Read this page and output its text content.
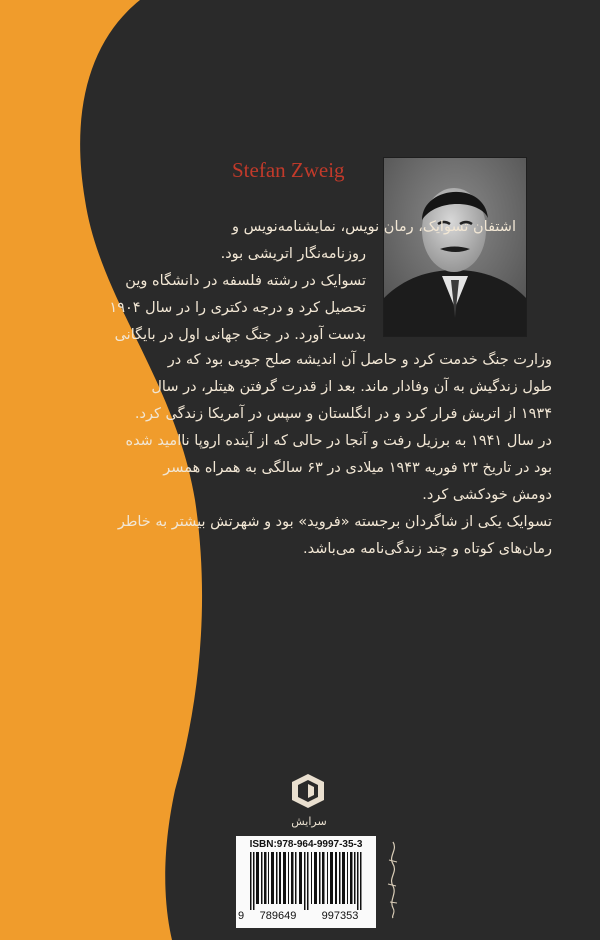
Stefan Zweig
اشتفان تسوایک، رمان نویس، نمایشنامه‌نویس و
روزنامه‌نگار اتریشی بود.
تسوایک در رشته فلسفه در دانشگاه وین
تحصیل کرد و درجه دکتری را در سال ۱۹۰۴
بدست آورد. در جنگ جهانی اول در بایگانی
وزارت جنگ خدمت کرد و حاصل آن اندیشه صلح جویی بود که در
طول زندگیش به آن وفادار ماند. بعد از قدرت گرفتن هیتلر، در سال
۱۹۳۴ از اتریش فرار کرد و در انگلستان و سپس در آمریکا زندگی کرد.
در سال ۱۹۴۱ به برزیل رفت و آنجا در حالی که از آینده اروپا ناامید شده
بود در تاریخ ۲۳ فوریه ۱۹۴۳ میلادی در ۶۳ سالگی به همراه همسر
دومش خودکشی کرد.
تسوایک یکی از شاگردان برجسته «فروید» بود و شهرتش بیشتر به خاطر
رمان‌های کوتاه و چند زندگی‌نامه می‌باشد.
سرایش
ISBN:978-964-9997-35-3
9	789649	997353
